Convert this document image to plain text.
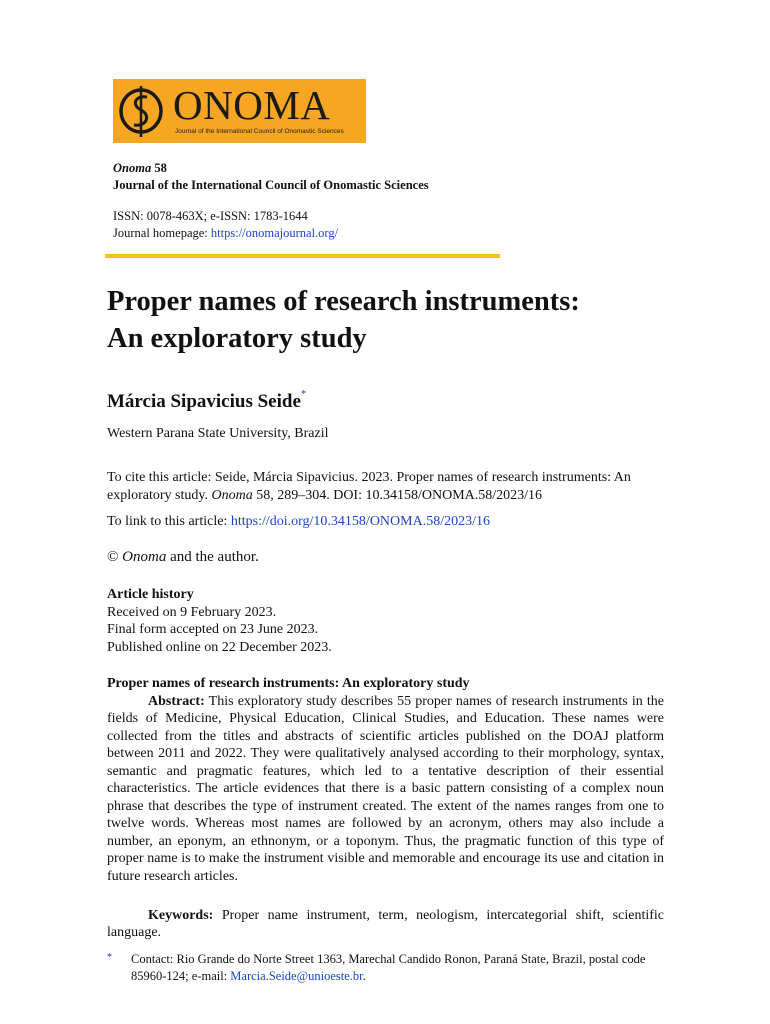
ONOMA
Journal of the International Council of Onomastic Sciences
Onoma 58
Journal of the International Council of Onomastic Sciences
ISSN: 0078-463X; e-ISSN: 1783-1644
Journal homepage: https://onomajournal.org/
Proper names of research instruments:
An exploratory study
Márcia Sipavicius Seide*
Western Parana State University, Brazil
To cite this article: Seide, Márcia Sipavicius. 2023. Proper names of research instruments: An exploratory study. Onoma 58, 289–304. DOI: 10.34158/ONOMA.58/2023/16
To link to this article: https://doi.org/10.34158/ONOMA.58/2023/16
© Onoma and the author.
Article history
Received on 9 February 2023.
Final form accepted on 23 June 2023.
Published online on 22 December 2023.
Proper names of research instruments: An exploratory study

Abstract: This exploratory study describes 55 proper names of research instruments in the fields of Medicine, Physical Education, Clinical Studies, and Education. These names were collected from the titles and abstracts of scientific articles published on the DOAJ platform between 2011 and 2022. They were qualitatively analysed according to their morphology, syntax, semantic and pragmatic features, which led to a tentative description of their essential characteristics. The article evidences that there is a basic pattern consisting of a complex noun phrase that describes the type of instrument created. The extent of the names ranges from one to twelve words. Whereas most names are followed by an acronym, others may also include a number, an eponym, an ethnonym, or a toponym. Thus, the pragmatic function of this type of proper name is to make the instrument visible and memorable and encourage its use and citation in future research articles.

Keywords: Proper name instrument, term, neologism, intercategorial shift, scientific language.

* Contact: Rio Grande do Norte Street 1363, Marechal Candido Ronon, Paraná State, Brazil, postal code 85960-124; e-mail: Marcia.Seide@unioeste.br.
